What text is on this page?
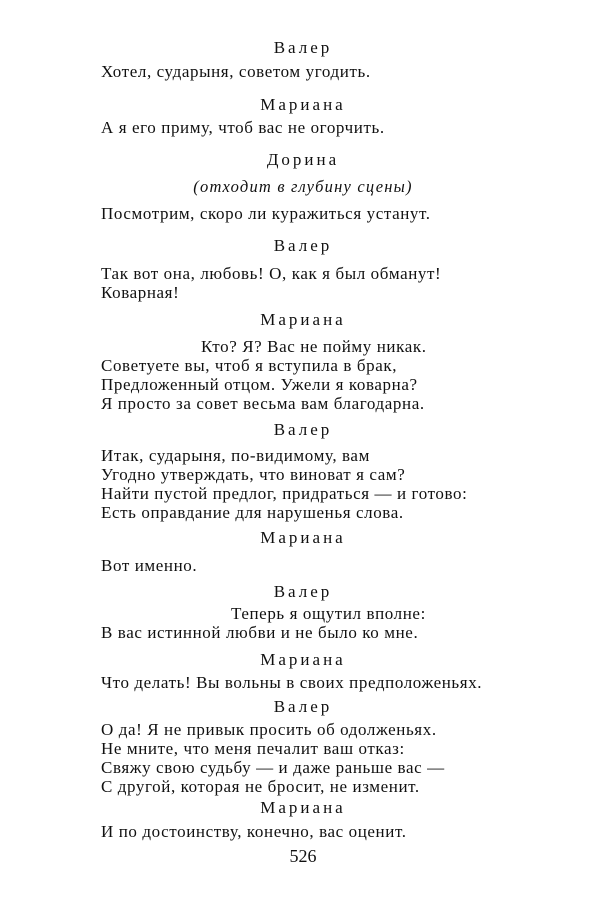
Валер
Хотел, сударыня, советом угодить.
Мариана
А я его приму, чтоб вас не огорчить.
Дорина
(отходит в глубину сцены)
Посмотрим, скоро ли куражиться устанут.
Валер
Так вот она, любовь! О, как я был обманут!
Коварная!
Мариана
Кто? Я? Вас не пойму никак.
Советуете вы, чтоб я вступила в брак,
Предложенный отцом. Ужели я коварна?
Я просто за совет весьма вам благодарна.
Валер
Итак, сударыня, по-видимому, вам
Угодно утверждать, что виноват я сам?
Найти пустой предлог, придраться — и готово:
Есть оправдание для нарушенья слова.
Мариана
Вот именно.
Валер
Теперь я ощутил вполне:
В вас истинной любви и не было ко мне.
Мариана
Что делать! Вы вольны в своих предположеньях.
Валер
О да! Я не привык просить об одолженьях.
Не мните, что меня печалит ваш отказ:
Свяжу свою судьбу — и даже раньше вас —
С другой, которая не бросит, не изменит.
Мариана
И по достоинству, конечно, вас оценит.
526
